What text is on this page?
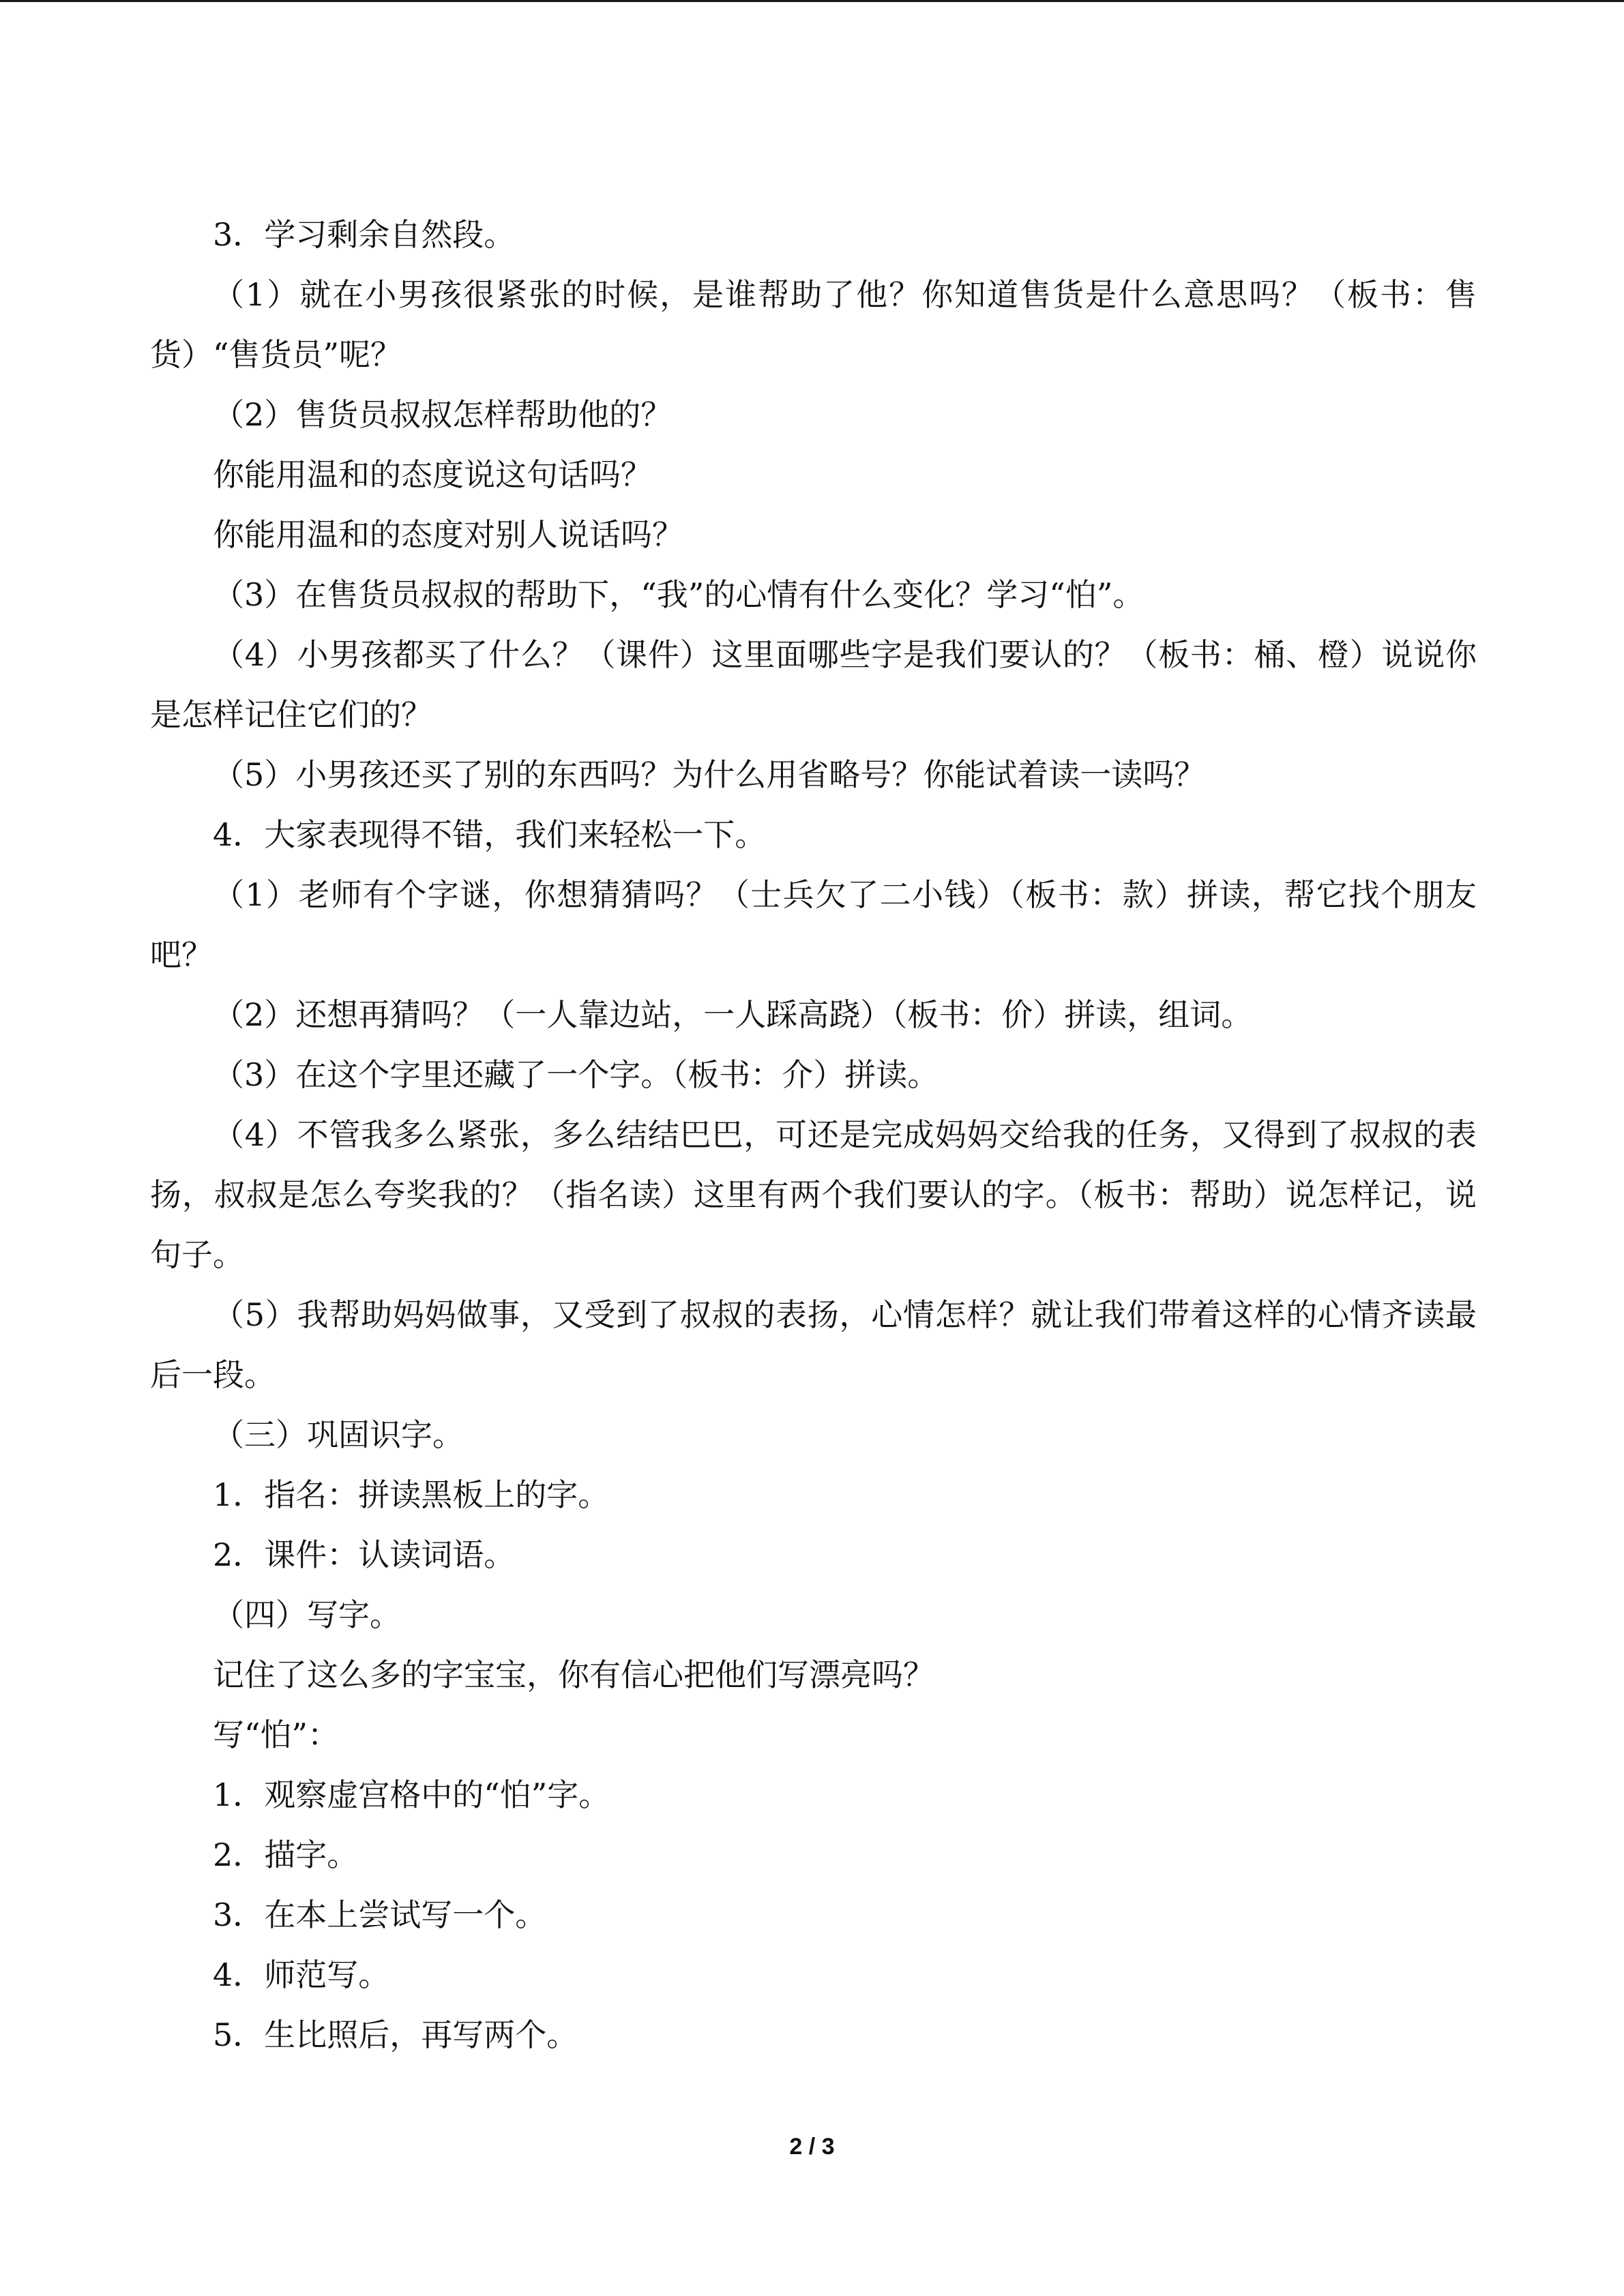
3．学习剩余自然段。

（1）就在小男孩很紧张的时候，是谁帮助了他？你知道售货是什么意思吗？（板书：售货）“售货员”呢？

（2）售货员叔叔怎样帮助他的？

你能用温和的态度说这句话吗？

你能用温和的态度对别人说话吗？

（3）在售货员叔叔的帮助下，“我”的心情有什么变化？学习“怕”。

（4）小男孩都买了什么？（课件）这里面哪些字是我们要认的？（板书：桶、橙）说说你是怎样记住它们的？

（5）小男孩还买了别的东西吗？为什么用省略号？你能试着读一读吗？

4．大家表现得不错，我们来轻松一下。

（1）老师有个字谜，你想猜猜吗？（士兵欠了二小钱）（板书：款）拼读，帮它找个朋友吧？

（2）还想再猜吗？（一人靠边站，一人踩高跷）（板书：价）拼读，组词。

（3）在这个字里还藏了一个字。（板书：介）拼读。

（4）不管我多么紧张，多么结结巴巴，可还是完成妈妈交给我的任务，又得到了叔叔的表扬，叔叔是怎么夸奖我的？（指名读）这里有两个我们要认的字。（板书：帮助）说怎样记，说句子。

（5）我帮助妈妈做事，又受到了叔叔的表扬，心情怎样？就让我们带着这样的心情齐读最后一段。

（三）巩固识字。

1．指名：拼读黑板上的字。

2．课件：认读词语。

（四）写字。

记住了这么多的字宝宝，你有信心把他们写漂亮吗？

写“怕”：

1．观察虚宫格中的“怕”字。

2．描字。

3．在本上尝试写一个。

4．师范写。

5．生比照后，再写两个。

2 / 3
